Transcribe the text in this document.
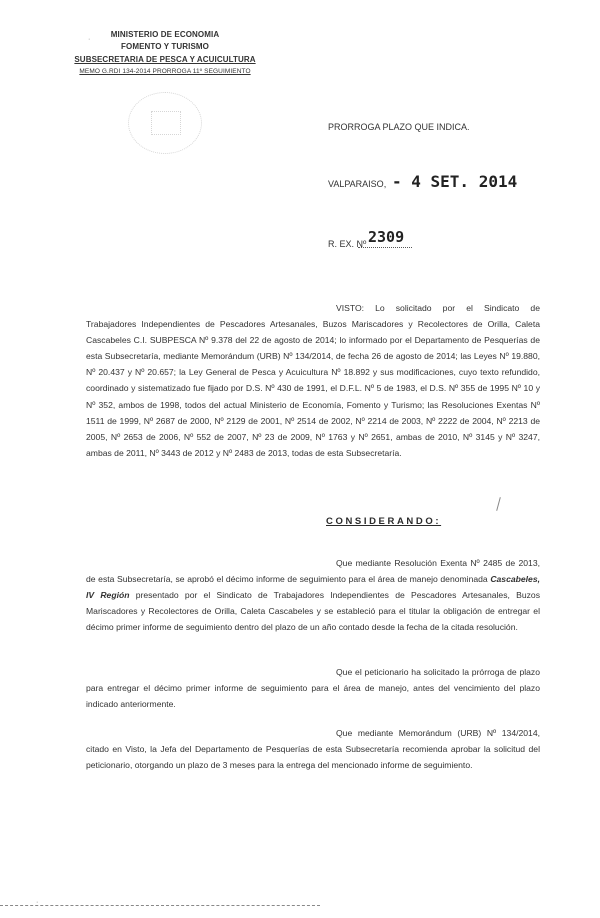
MINISTERIO DE ECONOMIA
FOMENTO Y TURISMO
SUBSECRETARIA DE PESCA Y ACUICULTURA
MEMO G.RDI 134-2014 PRORROGA 11º SEGUIMIENTO
·
PRORROGA PLAZO QUE INDICA.
VALPARAISO, - 4 SET. 2014
R. EX. Nº 2309

VISTO: Lo solicitado por el Sindicato de Trabajadores Independientes de Pescadores Artesanales, Buzos Mariscadores y Recolectores de Orilla, Caleta Cascabeles C.I. SUBPESCA Nº 9.378 del 22 de agosto de 2014; lo informado por el Departamento de Pesquerías de esta Subsecretaría, mediante Memorándum (URB) Nº 134/2014, de fecha 26 de agosto de 2014; las Leyes Nº 19.880, Nº 20.437 y Nº 20.657; la Ley General de Pesca y Acuicultura Nº 18.892 y sus modificaciones, cuyo texto refundido, coordinado y sistematizado fue fijado por D.S. Nº 430 de 1991, el D.F.L. Nº 5 de 1983, el D.S. Nº 355 de 1995 Nº 10 y Nº 352, ambos de 1998, todos del actual Ministerio de Economía, Fomento y Turismo; las Resoluciones Exentas Nº 1511 de 1999, Nº 2687 de 2000, Nº 2129 de 2001, Nº 2514 de 2002, Nº 2214 de 2003, Nº 2222 de 2004, Nº 2213 de 2005, Nº 2653 de 2006, Nº 552 de 2007, Nº 23 de 2009, Nº 1763 y Nº 2651, ambas de 2010, Nº 3145 y Nº 3247, ambas de 2011, Nº 3443 de 2012 y Nº 2483 de 2013, todas de esta Subsecretaría.

CONSIDERANDO:

Que mediante Resolución Exenta Nº 2485 de 2013, de esta Subsecretaría, se aprobó el décimo informe de seguimiento para el área de manejo denominada Cascabeles, IV Región presentado por el Sindicato de Trabajadores Independientes de Pescadores Artesanales, Buzos Mariscadores y Recolectores de Orilla, Caleta Cascabeles y se estableció para el titular la obligación de entregar el décimo primer informe de seguimiento dentro del plazo de un año contado desde la fecha de la citada resolución.

Que el peticionario ha solicitado la prórroga de plazo para entregar el décimo primer informe de seguimiento para el área de manejo, antes del vencimiento del plazo indicado anteriormente.

Que mediante Memorándum (URB) Nº 134/2014, citado en Visto, la Jefa del Departamento de Pesquerías de esta Subsecretaría recomienda aprobar la solicitud del peticionario, otorgando un plazo de 3 meses para la entrega del mencionado informe de seguimiento.

·
